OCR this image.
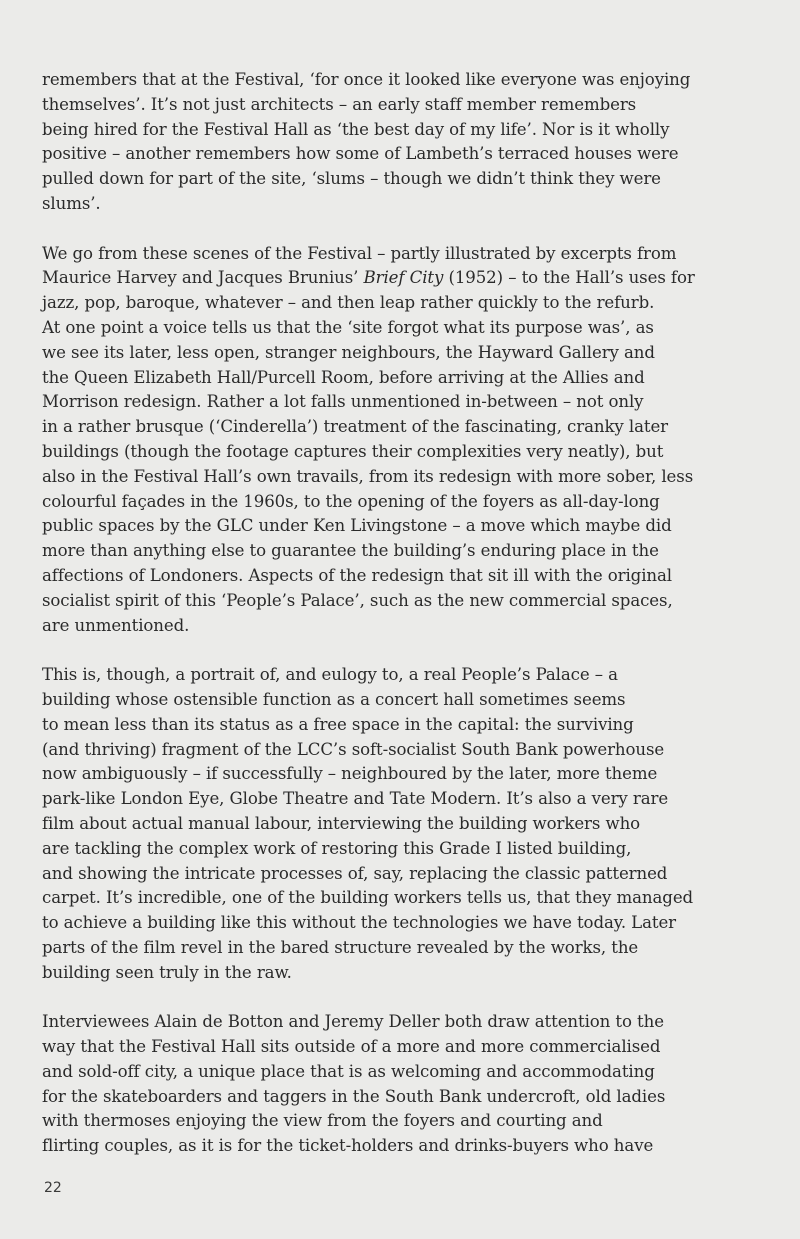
remembers that at the Festival, ‘for once it looked like everyone was enjoying
themselves’. It’s not just architects – an early staff member remembers
being hired for the Festival Hall as ‘the best day of my life’. Nor is it wholly
positive – another remembers how some of Lambeth’s terraced houses were
pulled down for part of the site, ‘slums – though we didn’t think they were
slums’.

We go from these scenes of the Festival – partly illustrated by excerpts from
Maurice Harvey and Jacques Brunius’ Brief City (1952) – to the Hall’s uses for
jazz, pop, baroque, whatever – and then leap rather quickly to the refurb.
At one point a voice tells us that the ‘site forgot what its purpose was’, as
we see its later, less open, stranger neighbours, the Hayward Gallery and
the Queen Elizabeth Hall/Purcell Room, before arriving at the Allies and
Morrison redesign. Rather a lot falls unmentioned in-between – not only
in a rather brusque (‘Cinderella’) treatment of the fascinating, cranky later
buildings (though the footage captures their complexities very neatly), but
also in the Festival Hall’s own travails, from its redesign with more sober, less
colourful façades in the 1960s, to the opening of the foyers as all-day-long
public spaces by the GLC under Ken Livingstone – a move which maybe did
more than anything else to guarantee the building’s enduring place in the
affections of Londoners. Aspects of the redesign that sit ill with the original
socialist spirit of this ‘People’s Palace’, such as the new commercial spaces,
are unmentioned.

This is, though, a portrait of, and eulogy to, a real People’s Palace – a
building whose ostensible function as a concert hall sometimes seems
to mean less than its status as a free space in the capital: the surviving
(and thriving) fragment of the LCC’s soft-socialist South Bank powerhouse
now ambiguously – if successfully – neighboured by the later, more theme
park-like London Eye, Globe Theatre and Tate Modern. It’s also a very rare
film about actual manual labour, interviewing the building workers who
are tackling the complex work of restoring this Grade I listed building,
and showing the intricate processes of, say, replacing the classic patterned
carpet. It’s incredible, one of the building workers tells us, that they managed
to achieve a building like this without the technologies we have today. Later
parts of the film revel in the bared structure revealed by the works, the
building seen truly in the raw.

Interviewees Alain de Botton and Jeremy Deller both draw attention to the
way that the Festival Hall sits outside of a more and more commercialised
and sold-off city, a unique place that is as welcoming and accommodating
for the skateboarders and taggers in the South Bank undercroft, old ladies
with thermoses enjoying the view from the foyers and courting and
flirting couples, as it is for the ticket-holders and drinks-buyers who have

22
